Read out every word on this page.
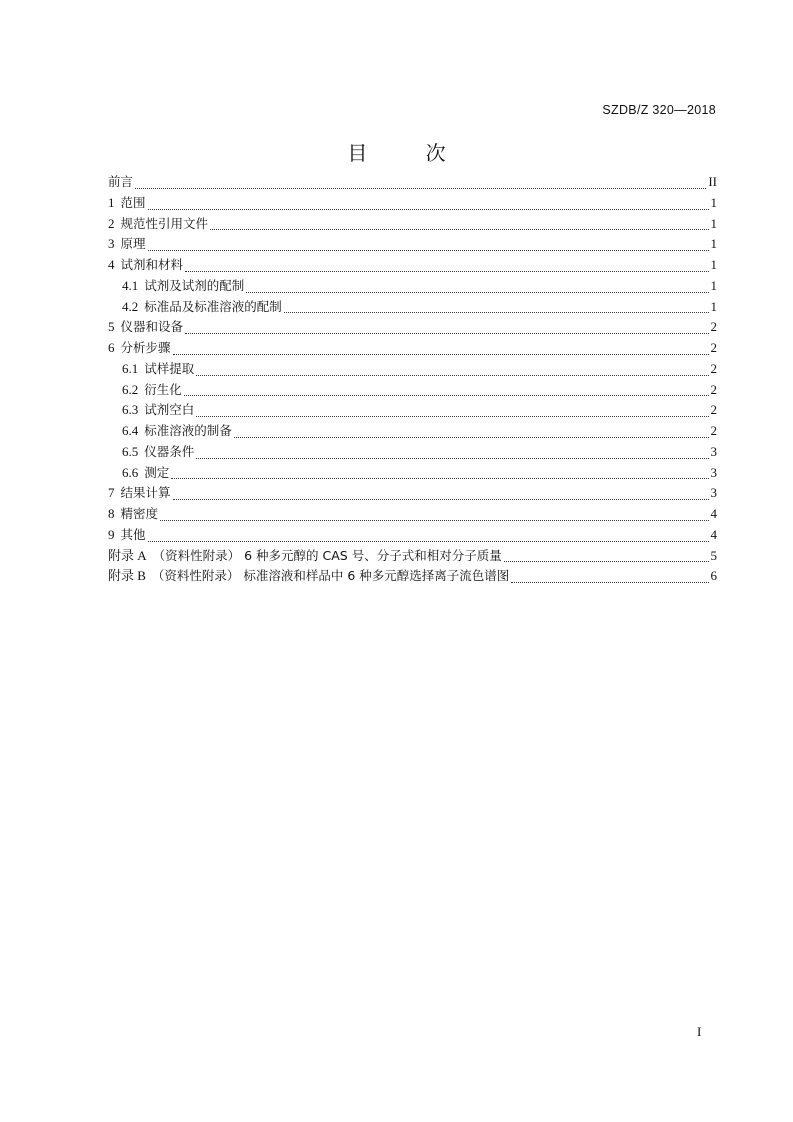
SZDB/Z 320—2018
目 次
前言	II
1 范围	1
2 规范性引用文件	1
3 原理	1
4 试剂和材料	1
4.1 试剂及试剂的配制	1
4.2 标准品及标准溶液的配制	1
5 仪器和设备	2
6 分析步骤	2
6.1 试样提取	2
6.2 衍生化	2
6.3 试剂空白	2
6.4 标准溶液的制备	2
6.5 仪器条件	3
6.6 测定	3
7 结果计算	3
8 精密度	4
9 其他	4
附录 A （资料性附录） 6 种多元醇的 CAS 号、分子式和相对分子质量	5
附录 B （资料性附录） 标准溶液和样品中 6 种多元醇选择离子流色谱图	6
I
